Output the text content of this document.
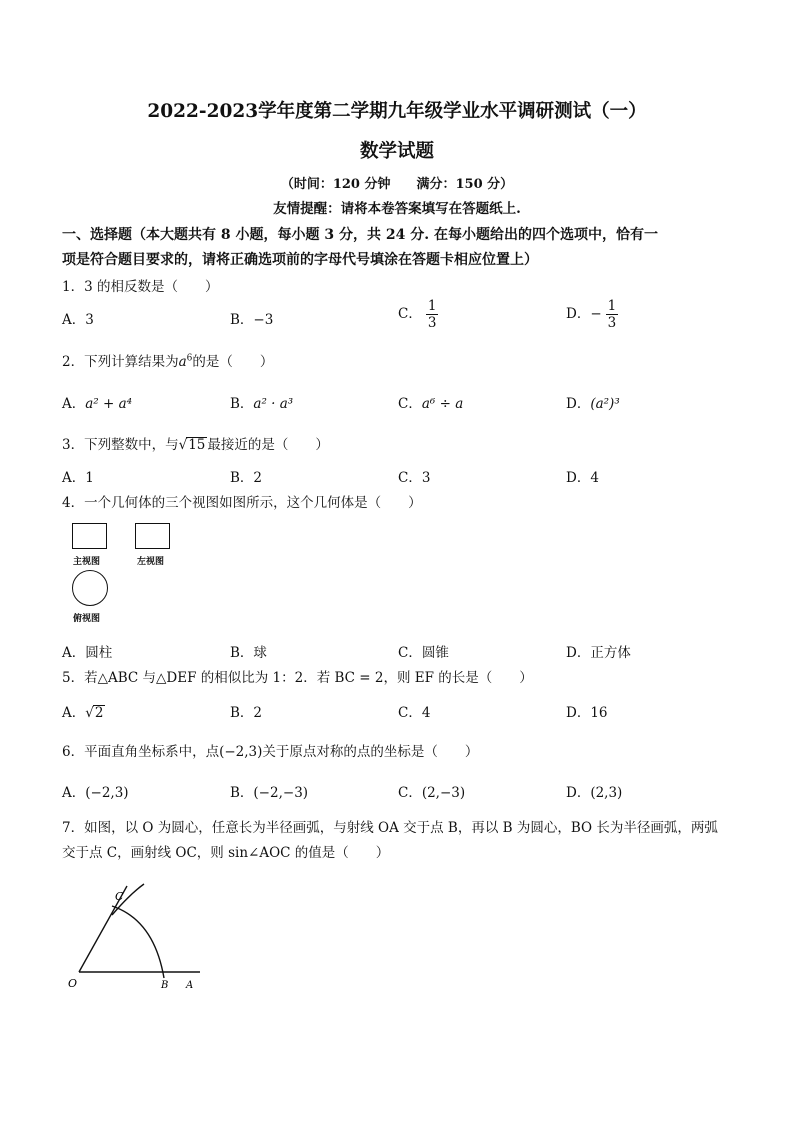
2022-2023学年度第二学期九年级学业水平调研测试（一）
数学试题
（时间：120 分钟　　满分：150 分）
友情提醒：请将本卷答案填写在答题纸上.
一、选择题（本大题共有 8 小题，每小题 3 分，共 24 分. 在每小题给出的四个选项中，恰有一
项是符合题目要求的，请将正确选项前的字母代号填涂在答题卡相应位置上）
1．3 的相反数是（　　）
A．3	B．−3	C． $\frac{1}{3}$	D．− $\frac{1}{3}$
2．下列计算结果为$a^6$的是（　　）
A．a² + a⁴	B．a² · a³	C．a⁶ ÷ a	D．(a²)³
3．下列整数中，与√15 最接近的是（　　）
A．1	B．2	C．3	D．4
4．一个几何体的三个视图如图所示，这个几何体是（　　）
主视图	左视图
俯视图
A．圆柱	B．球	C．圆锥	D．正方体
5．若△ABC 与△DEF 的相似比为 1：2．若 BC = 2，则 EF 的长是（　　）
A．√2	B．2	C．4	D．16
6．平面直角坐标系中，点(−2,3)关于原点对称的点的坐标是（　　）
A．(−2,3)	B．(−2,−3)	C．(2,−3)	D．(2,3)
7．如图，以 O 为圆心，任意长为半径画弧，与射线 OA 交于点 B，再以 B 为圆心，BO 长为半径画弧，两弧
交于点 C，画射线 OC，则 sin∠AOC 的值是（　　）
C
O	B A
